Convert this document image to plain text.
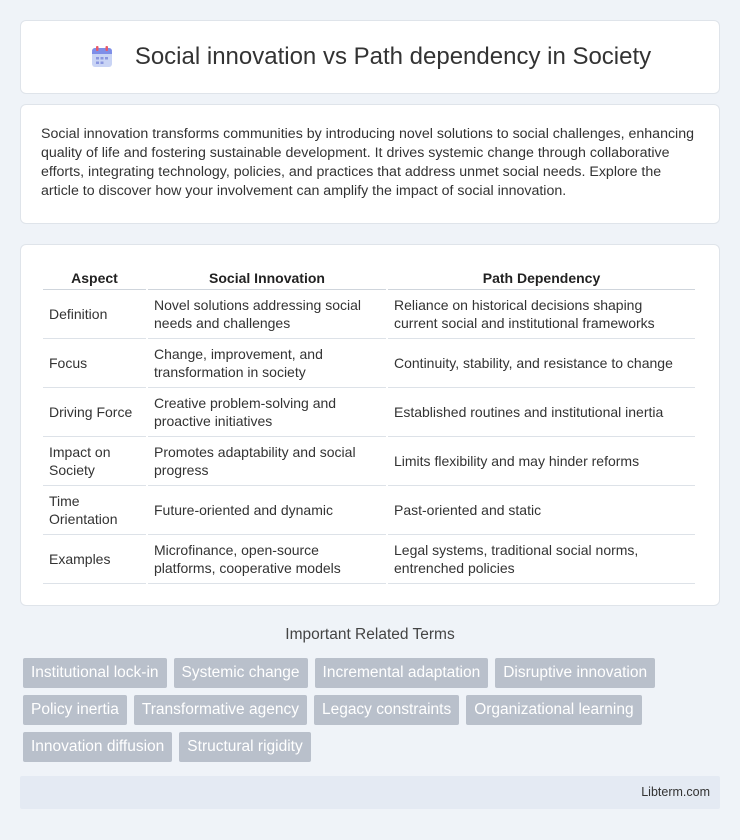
Social innovation vs Path dependency in Society

Social innovation transforms communities by introducing novel solutions to social challenges, enhancing quality of life and fostering sustainable development. It drives systemic change through collaborative efforts, integrating technology, policies, and practices that address unmet social needs. Explore the article to discover how your involvement can amplify the impact of social innovation.

Aspect	Social Innovation	Path Dependency
Definition	Novel solutions addressing social needs and challenges	Reliance on historical decisions shaping current social and institutional frameworks
Focus	Change, improvement, and transformation in society	Continuity, stability, and resistance to change
Driving Force	Creative problem-solving and proactive initiatives	Established routines and institutional inertia
Impact on Society	Promotes adaptability and social progress	Limits flexibility and may hinder reforms
Time Orientation	Future-oriented and dynamic	Past-oriented and static
Examples	Microfinance, open-source platforms, cooperative models	Legal systems, traditional social norms, entrenched policies
Important Related Terms
Institutional lock-in	Systemic change	Incremental adaptation	Disruptive innovation
Policy inertia	Transformative agency	Legacy constraints	Organizational learning
Innovation diffusion	Structural rigidity
Libterm.com
